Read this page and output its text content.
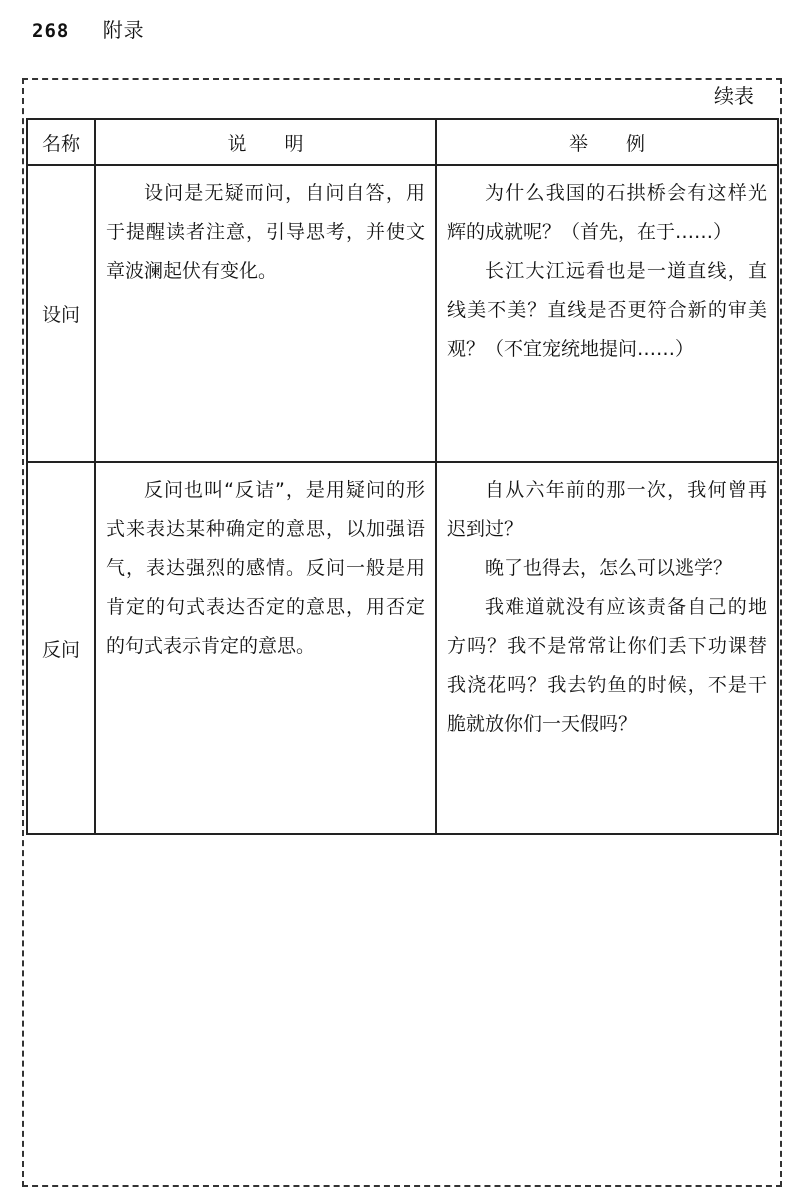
268 附录
续表
名称	说　　明	举　　例
设问	设问是无疑而问，自问自答，用于提醒读者注意，引导思考，并使文章波澜起伏有变化。	为什么我国的石拱桥会有这样光辉的成就呢？（首先，在于……）

长江大江远看也是一道直线，直线美不美？直线是否更符合新的审美观？（不宜宠统地提问……）

反问	反问也叫“反诘”，是用疑问的形式来表达某种确定的意思，以加强语气，表达强烈的感情。反问一般是用肯定的句式表达否定的意思，用否定的句式表示肯定的意思。	自从六年前的那一次，我何曾再迟到过？

晚了也得去，怎么可以逃学？

我难道就没有应该责备自己的地方吗？我不是常常让你们丢下功课替我浇花吗？我去钓鱼的时候，不是干脆就放你们一天假吗？
